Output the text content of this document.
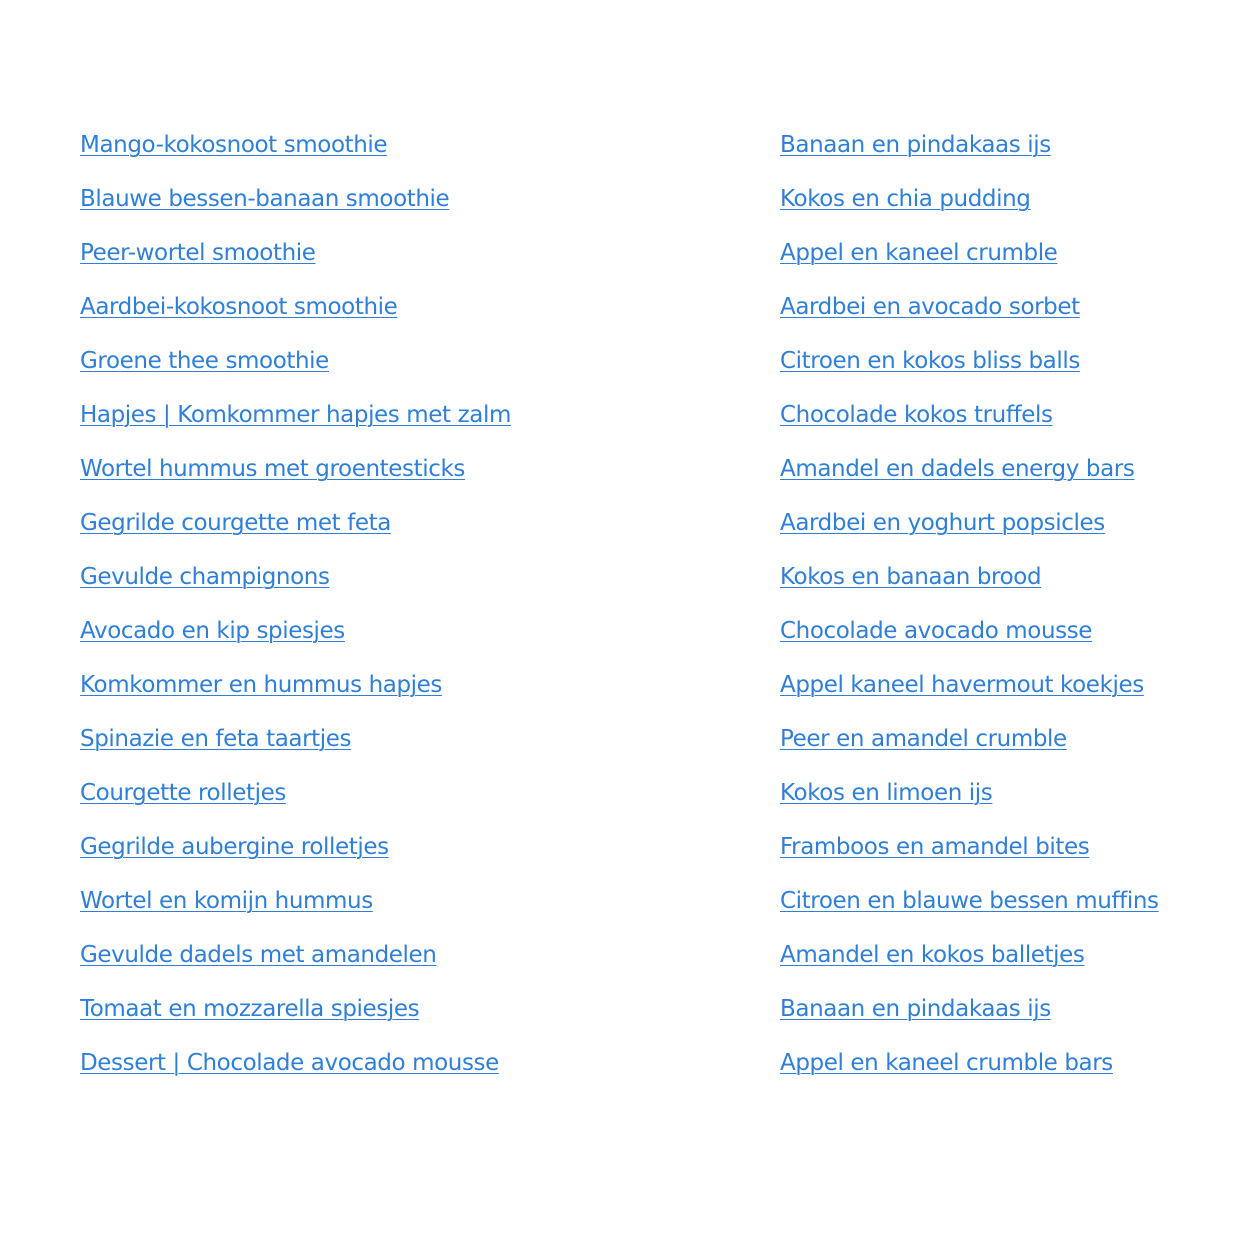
Mango-kokosnoot smoothie
Blauwe bessen-banaan smoothie
Peer-wortel smoothie
Aardbei-kokosnoot smoothie
Groene thee smoothie
Hapjes | Komkommer hapjes met zalm
Wortel hummus met groentesticks
Gegrilde courgette met feta
Gevulde champignons
Avocado en kip spiesjes
Komkommer en hummus hapjes
Spinazie en feta taartjes
Courgette rolletjes
Gegrilde aubergine rolletjes
Wortel en komijn hummus
Gevulde dadels met amandelen
Tomaat en mozzarella spiesjes
Dessert | Chocolade avocado mousse
Banaan en pindakaas ijs
Kokos en chia pudding
Appel en kaneel crumble
Aardbei en avocado sorbet
Citroen en kokos bliss balls
Chocolade kokos truffels
Amandel en dadels energy bars
Aardbei en yoghurt popsicles
Kokos en banaan brood
Chocolade avocado mousse
Appel kaneel havermout koekjes
Peer en amandel crumble
Kokos en limoen ijs
Framboos en amandel bites
Citroen en blauwe bessen muffins
Amandel en kokos balletjes
Banaan en pindakaas ijs
Appel en kaneel crumble bars
